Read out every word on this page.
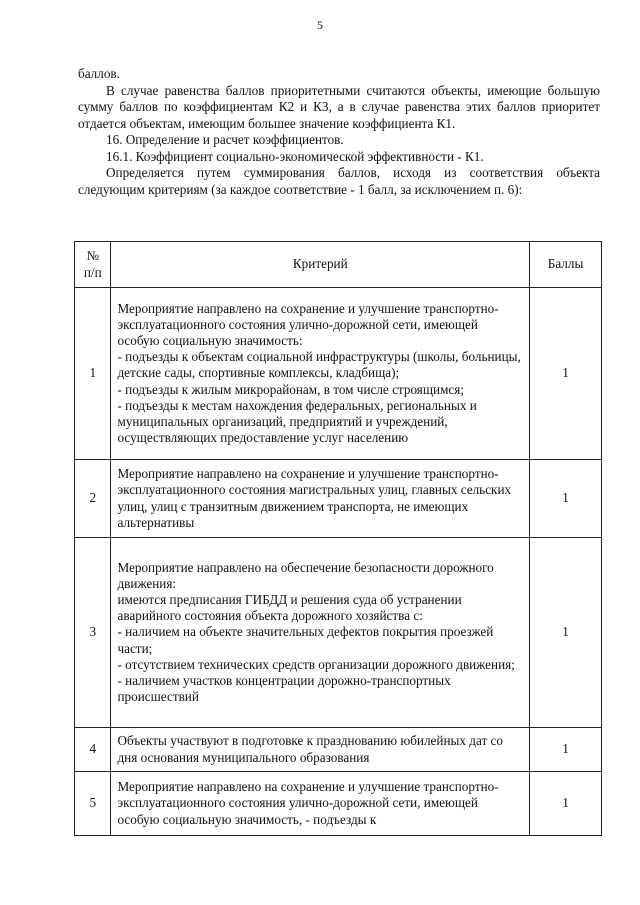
5

баллов.

В случае равенства баллов приоритетными считаются объекты, имеющие большую сумму баллов по коэффициентам К2 и К3, а в случае равенства этих баллов приоритет отдается объектам, имеющим большее значение коэффициента К1.

16. Определение и расчет коэффициентов.

16.1. Коэффициент социально-экономической эффективности - К1.

Определяется путем суммирования баллов, исходя из соответствия объекта следующим критериям (за каждое соответствие - 1 балл, за исключением п. 6):

№ п/п	Критерий	Баллы
1	Мероприятие направлено на сохранение и улучшение транспортно-эксплуатационного состояния улично-дорожной сети, имеющей особую социальную значимость:
- подъезды к объектам социальной инфраструктуры (школы, больницы, детские сады, спортивные комплексы, кладбища);
- подъезды к жилым микрорайонам, в том числе строящимся;
- подъезды к местам нахождения федеральных, региональных и муниципальных организаций, предприятий и учреждений, осуществляющих предоставление услуг населению	1
2	Мероприятие направлено на сохранение и улучшение транспортно-эксплуатационного состояния магистральных улиц, главных сельских улиц, улиц с транзитным движением транспорта, не имеющих альтернативы	1
3	Мероприятие направлено на обеспечение безопасности дорожного движения:
имеются предписания ГИБДД и решения суда об устранении аварийного состояния объекта дорожного хозяйства с:
- наличием на объекте значительных дефектов покрытия проезжей части;
- отсутствием технических средств организации дорожного движения;
- наличием участков концентрации дорожно-транспортных происшествий	1
4	Объекты участвуют в подготовке к празднованию юбилейных дат со дня основания муниципального образования	1
5	Мероприятие направлено на сохранение и улучшение транспортно-эксплуатационного состояния улично-дорожной сети, имеющей особую социальную значимость, - подъезды к	1
